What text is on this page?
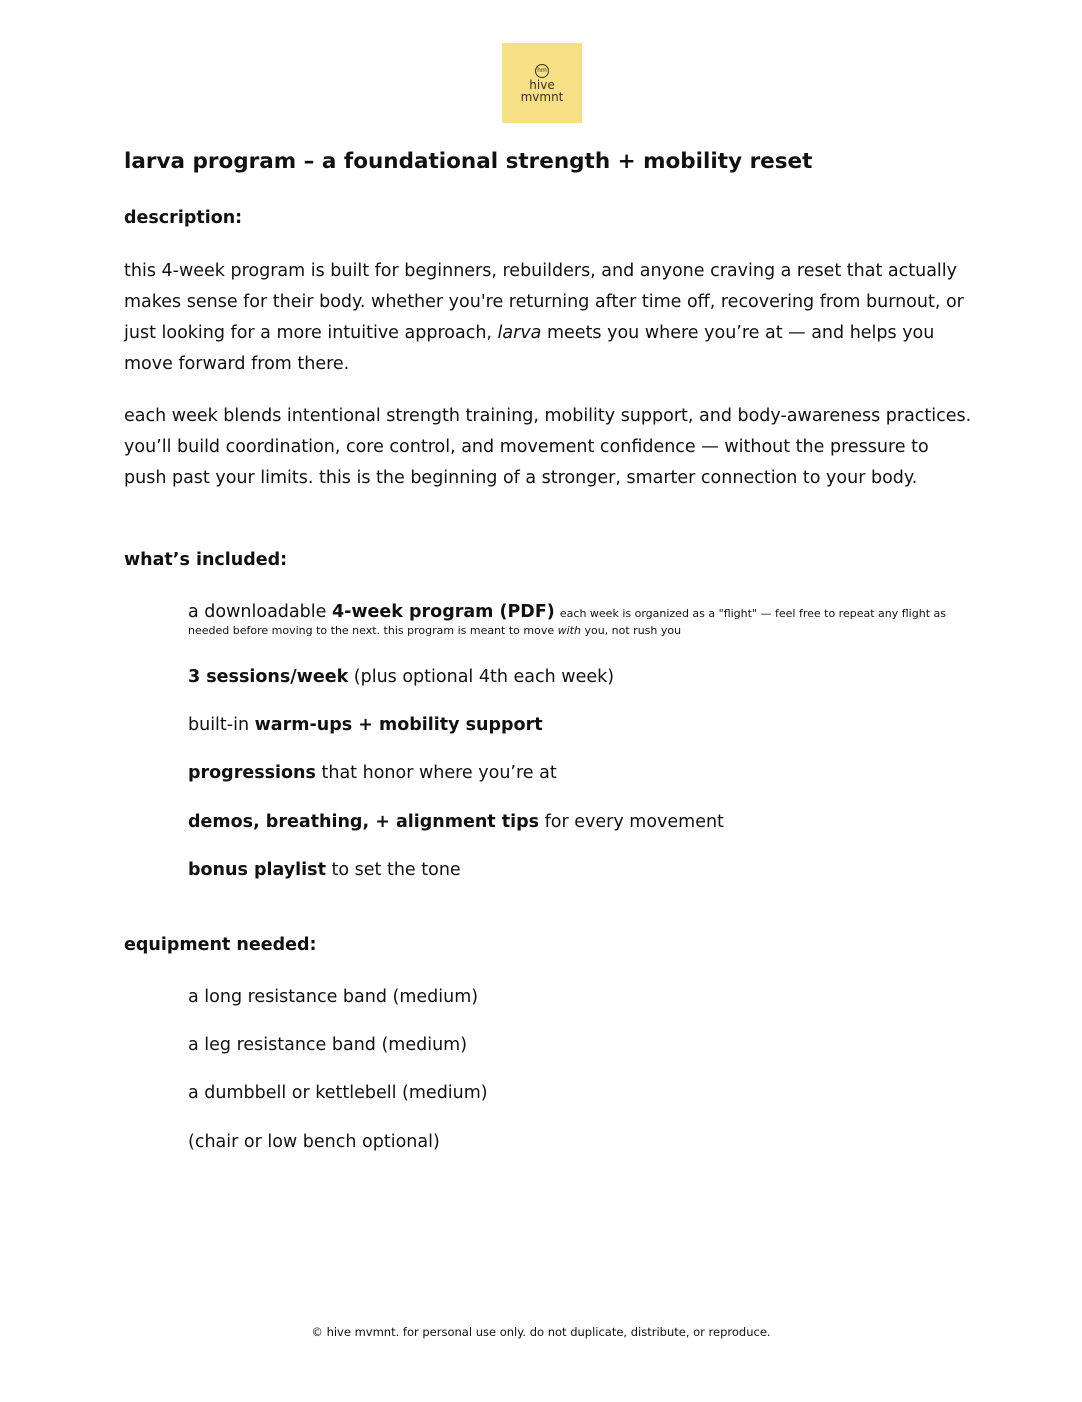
hm
hive
mvmnt
larva program – a foundational strength + mobility reset
description:

this 4-week program is built for beginners, rebuilders, and anyone craving a reset that actually makes sense for their body. whether you're returning after time off, recovering from burnout, or just looking for a more intuitive approach, larva meets you where you’re at — and helps you move forward from there.

each week blends intentional strength training, mobility support, and body-awareness practices. you’ll build coordination, core control, and movement confidence — without the pressure to push past your limits. this is the beginning of a stronger, smarter connection to your body.

what’s included:
a downloadable 4-week program (PDF) each week is organized as a "flight" — feel free to repeat any flight as
needed before moving to the next. this program is meant to move with you, not rush you

3 sessions/week (plus optional 4th each week)

built-in warm-ups + mobility support

progressions that honor where you’re at

demos, breathing, + alignment tips for every movement

bonus playlist to set the tone

equipment needed:

a long resistance band (medium)

a leg resistance band (medium)

a dumbbell or kettlebell (medium)

(chair or low bench optional)

© hive mvmnt. for personal use only. do not duplicate, distribute, or reproduce.
